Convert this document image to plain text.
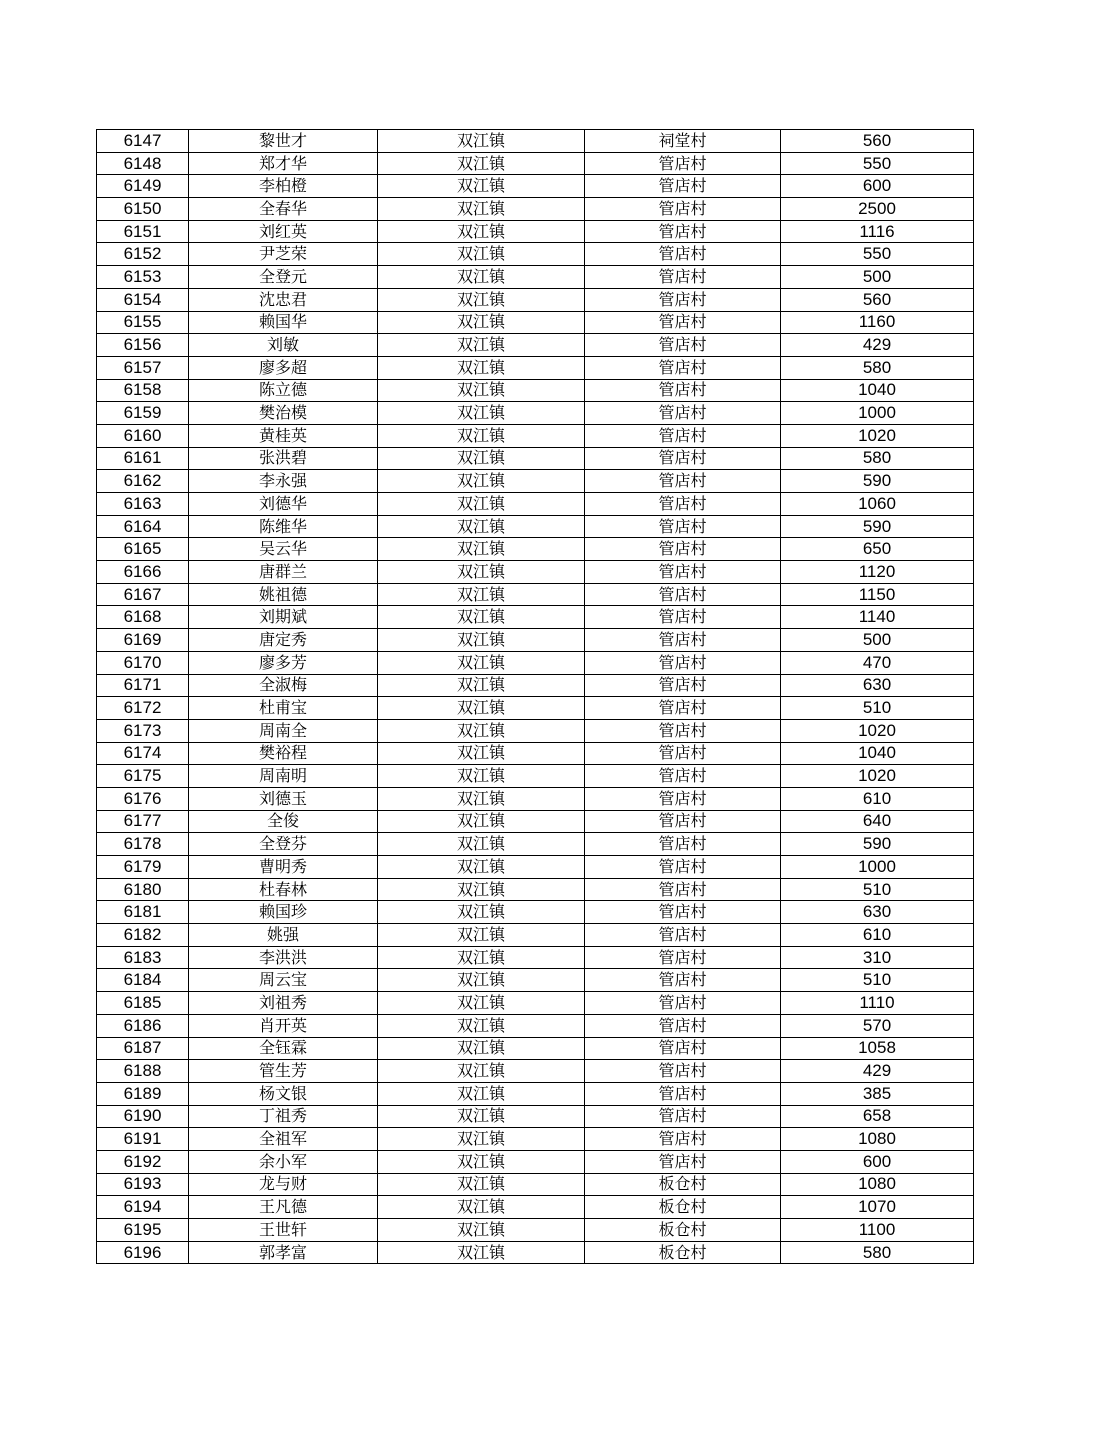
6147	黎世才	双江镇	祠堂村	560
6148	郑才华	双江镇	管店村	550
6149	李柏橙	双江镇	管店村	600
6150	全春华	双江镇	管店村	2500
6151	刘红英	双江镇	管店村	1116
6152	尹芝荣	双江镇	管店村	550
6153	全登元	双江镇	管店村	500
6154	沈忠君	双江镇	管店村	560
6155	赖国华	双江镇	管店村	1160
6156	刘敏	双江镇	管店村	429
6157	廖多超	双江镇	管店村	580
6158	陈立德	双江镇	管店村	1040
6159	樊治模	双江镇	管店村	1000
6160	黄桂英	双江镇	管店村	1020
6161	张洪碧	双江镇	管店村	580
6162	李永强	双江镇	管店村	590
6163	刘德华	双江镇	管店村	1060
6164	陈维华	双江镇	管店村	590
6165	吴云华	双江镇	管店村	650
6166	唐群兰	双江镇	管店村	1120
6167	姚祖德	双江镇	管店村	1150
6168	刘期斌	双江镇	管店村	1140
6169	唐定秀	双江镇	管店村	500
6170	廖多芳	双江镇	管店村	470
6171	全淑梅	双江镇	管店村	630
6172	杜甫宝	双江镇	管店村	510
6173	周南全	双江镇	管店村	1020
6174	樊裕程	双江镇	管店村	1040
6175	周南明	双江镇	管店村	1020
6176	刘德玉	双江镇	管店村	610
6177	全俊	双江镇	管店村	640
6178	全登芬	双江镇	管店村	590
6179	曹明秀	双江镇	管店村	1000
6180	杜春林	双江镇	管店村	510
6181	赖国珍	双江镇	管店村	630
6182	姚强	双江镇	管店村	610
6183	李洪洪	双江镇	管店村	310
6184	周云宝	双江镇	管店村	510
6185	刘祖秀	双江镇	管店村	1110
6186	肖开英	双江镇	管店村	570
6187	全钰霖	双江镇	管店村	1058
6188	管生芳	双江镇	管店村	429
6189	杨文银	双江镇	管店村	385
6190	丁祖秀	双江镇	管店村	658
6191	全祖军	双江镇	管店村	1080
6192	余小军	双江镇	管店村	600
6193	龙与财	双江镇	板仓村	1080
6194	王凡德	双江镇	板仓村	1070
6195	王世轩	双江镇	板仓村	1100
6196	郭孝富	双江镇	板仓村	580
